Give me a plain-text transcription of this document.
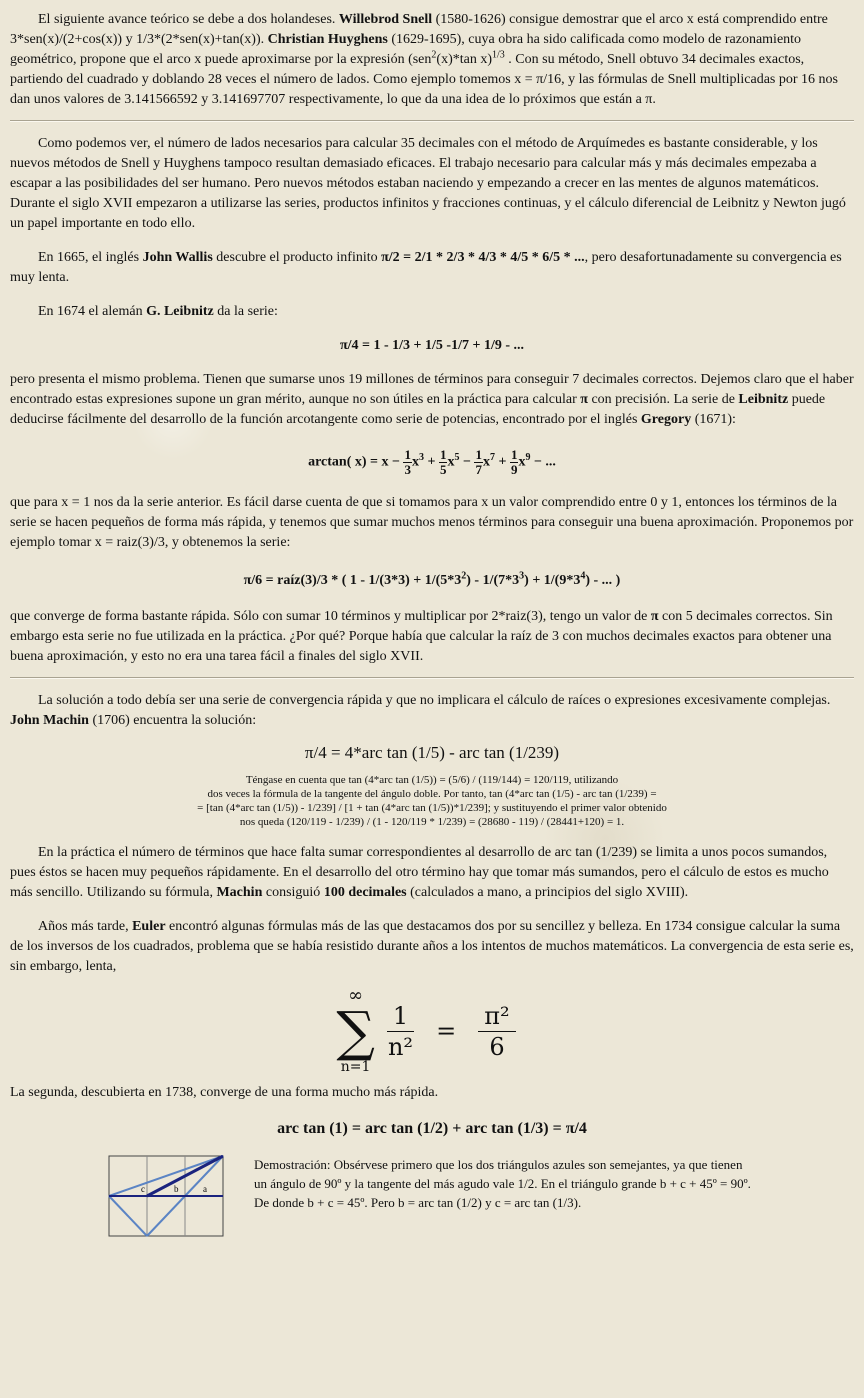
El siguiente avance teórico se debe a dos holandeses. Willebrod Snell (1580-1626) consigue demostrar que el arco x está comprendido entre 3*sen(x)/(2+cos(x)) y 1/3*(2*sen(x)+tan(x)). Christian Huyghens (1629-1695), cuya obra ha sido calificada como modelo de razonamiento geométrico, propone que el arco x puede aproximarse por la expresión (sen$^2$(x)*tan x)$^{1/3}$ . Con su método, Snell obtuvo 34 decimales exactos, partiendo del cuadrado y doblando 28 veces el número de lados. Como ejemplo tomemos x = π/16, y las fórmulas de Snell multiplicadas por 16 nos dan unos valores de 3.141566592 y 3.141697707 respectivamente, lo que da una idea de lo próximos que están a π.

Como podemos ver, el número de lados necesarios para calcular 35 decimales con el método de Arquímedes es bastante considerable, y los nuevos métodos de Snell y Huyghens tampoco resultan demasiado eficaces. El trabajo necesario para calcular más y más decimales empezaba a escapar a las posibilidades del ser humano. Pero nuevos métodos estaban naciendo y empezando a crecer en las mentes de algunos matemáticos. Durante el siglo XVII empezaron a utilizarse las series, productos infinitos y fracciones continuas, y el cálculo diferencial de Leibnitz y Newton jugó un papel importante en todo ello.

En 1665, el inglés John Wallis descubre el producto infinito π/2 = 2/1 * 2/3 * 4/3 * 4/5 * 6/5 * ..., pero desafortunadamente su convergencia es muy lenta.

En 1674 el alemán G. Leibnitz da la serie:

π/4 = 1 - 1/3 + 1/5 -1/7 + 1/9 - ...

pero presenta el mismo problema. Tienen que sumarse unos 19 millones de términos para conseguir 7 decimales correctos. Dejemos claro que el haber encontrado estas expresiones supone un gran mérito, aunque no son útiles en la práctica para calcular π con precisión. La serie de Leibnitz puede deducirse fácilmente del desarrollo de la función arcotangente como serie de potencias, encontrado por el inglés Gregory (1671):

arctan( $x) = x - \frac{1}{3} x^3 + \frac{1}{5} x^5 - \frac{1}{7} x^7 + \frac{1}{9} x^9$ − ...

que para x = 1 nos da la serie anterior. Es fácil darse cuenta de que si tomamos para x un valor comprendido entre 0 y 1, entonces los términos de la serie se hacen pequeños de forma más rápida, y tenemos que sumar muchos menos términos para conseguir una buena aproximación. Proponemos por ejemplo tomar x = raiz(3)/3, y obtenemos la serie:

π/6 = raíz(3)/3 * ( $1 - 1/(3*3) + 1/(5*3^2) - 1/(7*3^3) + 1/(9*3^4)$ - ... )

que converge de forma bastante rápida. Sólo con sumar 10 términos y multiplicar por 2*raiz(3), tengo un valor de π con 5 decimales correctos. Sin embargo esta serie no fue utilizada en la práctica. ¿Por qué? Porque había que calcular la raíz de 3 con muchos decimales exactos para obtener una buena aproximación, y esto no era una tarea fácil a finales del siglo XVII.

La solución a todo debía ser una serie de convergencia rápida y que no implicara el cálculo de raíces o expresiones excesivamente complejas. John Machin (1706) encuentra la solución:

π/4 = 4*arc tan (1/5) - arc tan (1/239)

Téngase en cuenta que tan (4*arc tan (1/5)) = (5/6) / (119/144) = 120/119, utilizando
dos veces la fórmula de la tangente del ángulo doble. Por tanto, tan (4*arc tan (1/5) - arc tan (1/239) =
= [tan (4*arc tan (1/5)) - 1/239] / [1 + tan (4*arc tan (1/5))*1/239]; y sustituyendo el primer valor obtenido
nos queda (120/119 - 1/239) / (1 - 120/119 * 1/239) = (28680 - 119) / (28441+120) = 1.

En la práctica el número de términos que hace falta sumar correspondientes al desarrollo de arc tan (1/239) se limita a unos pocos sumandos, pues éstos se hacen muy pequeños rápidamente. En el desarrollo del otro término hay que tomar más sumandos, pero el cálculo de estos es mucho más sencillo. Utilizando su fórmula, Machin consiguió 100 decimales (calculados a mano, a principios del siglo XVIII).

Años más tarde, Euler encontró algunas fórmulas más de las que destacamos dos por su sencillez y belleza. En 1734 consigue calcular la suma de los inversos de los cuadrados, problema que se había resistido durante años a los intentos de muchos matemáticos. La convergencia de esta serie es, sin embargo, lenta,

∞
∑
n=1
$\frac{1}{\text{n²}} = \frac{\text{π²}}{6}$

La segunda, descubierta en 1738, converge de una forma mucho más rápida.

arc tan (1) = arc tan (1/2) + arc tan (1/3) = π/4

c	b	a

Demostración: Obsérvese primero que los dos triángulos azules son semejantes, ya que tienen un ángulo de 90º y la tangente del más agudo vale 1/2. En el triángulo grande b + c + 45º = 90º. De donde b + c = 45º. Pero b = arc tan (1/2) y c = arc tan (1/3).
